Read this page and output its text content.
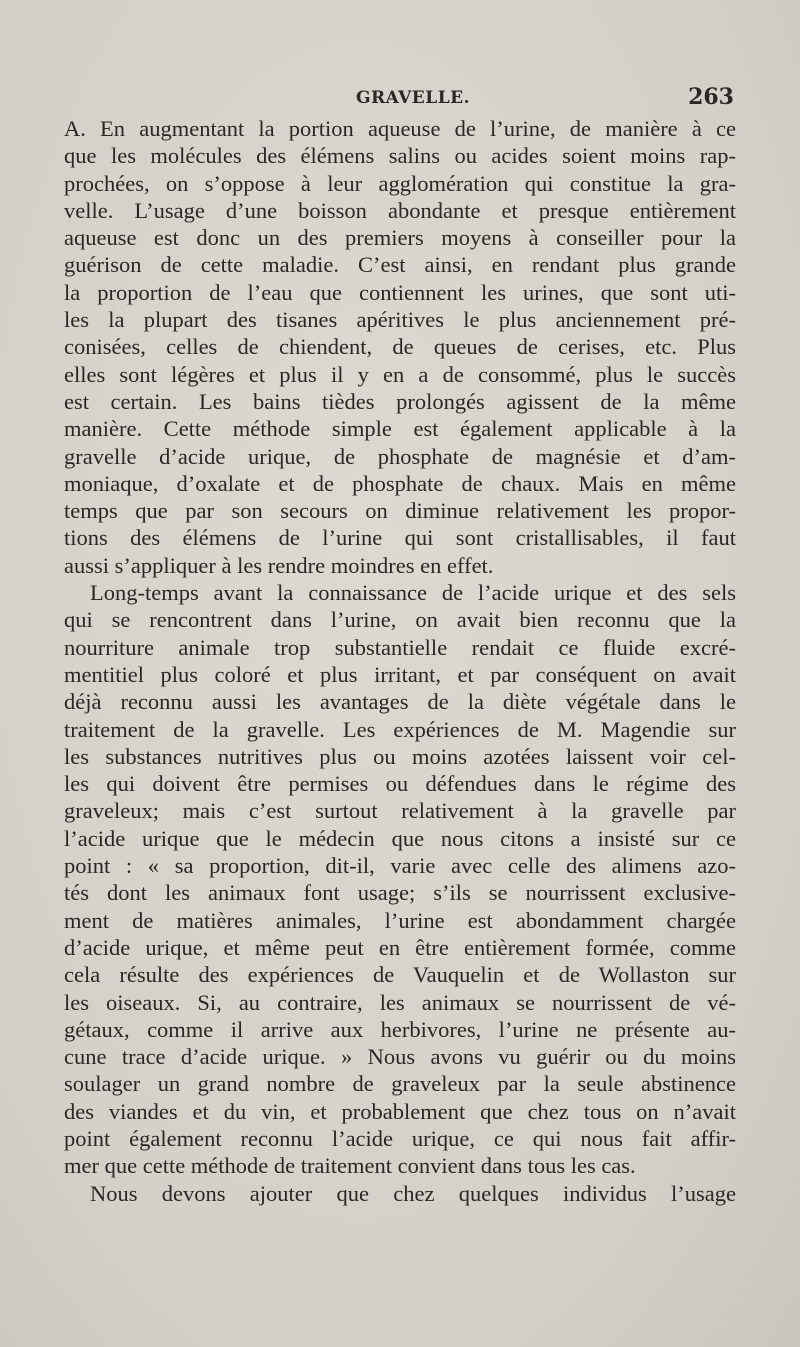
GRAVELLE.	263
A. En augmentant la portion aqueuse de l’urine, de manière à ce
que les molécules des élémens salins ou acides soient moins rap-
prochées, on s’oppose à leur agglomération qui constitue la gra-
velle. L’usage d’une boisson abondante et presque entièrement
aqueuse est donc un des premiers moyens à conseiller pour la
guérison de cette maladie. C’est ainsi, en rendant plus grande
la proportion de l’eau que contiennent les urines, que sont uti-
les la plupart des tisanes apéritives le plus anciennement pré-
conisées, celles de chiendent, de queues de cerises, etc. Plus
elles sont légères et plus il y en a de consommé, plus le succès
est certain. Les bains tièdes prolongés agissent de la même
manière. Cette méthode simple est également applicable à la
gravelle d’acide urique, de phosphate de magnésie et d’am-
moniaque, d’oxalate et de phosphate de chaux. Mais en même
temps que par son secours on diminue relativement les propor-
tions des élémens de l’urine qui sont cristallisables, il faut
aussi s’appliquer à les rendre moindres en effet.
Long-temps avant la connaissance de l’acide urique et des sels
qui se rencontrent dans l’urine, on avait bien reconnu que la
nourriture animale trop substantielle rendait ce fluide excré-
mentitiel plus coloré et plus irritant, et par conséquent on avait
déjà reconnu aussi les avantages de la diète végétale dans le
traitement de la gravelle. Les expériences de M. Magendie sur
les substances nutritives plus ou moins azotées laissent voir cel-
les qui doivent être permises ou défendues dans le régime des
graveleux; mais c’est surtout relativement à la gravelle par
l’acide urique que le médecin que nous citons a insisté sur ce
point : « sa proportion, dit-il, varie avec celle des alimens azo-
tés dont les animaux font usage; s’ils se nourrissent exclusive-
ment de matières animales, l’urine est abondamment chargée
d’acide urique, et même peut en être entièrement formée, comme
cela résulte des expériences de Vauquelin et de Wollaston sur
les oiseaux. Si, au contraire, les animaux se nourrissent de vé-
gétaux, comme il arrive aux herbivores, l’urine ne présente au-
cune trace d’acide urique. » Nous avons vu guérir ou du moins
soulager un grand nombre de graveleux par la seule abstinence
des viandes et du vin, et probablement que chez tous on n’avait
point également reconnu l’acide urique, ce qui nous fait affir-
mer que cette méthode de traitement convient dans tous les cas.
Nous devons ajouter que chez quelques individus l’usage
